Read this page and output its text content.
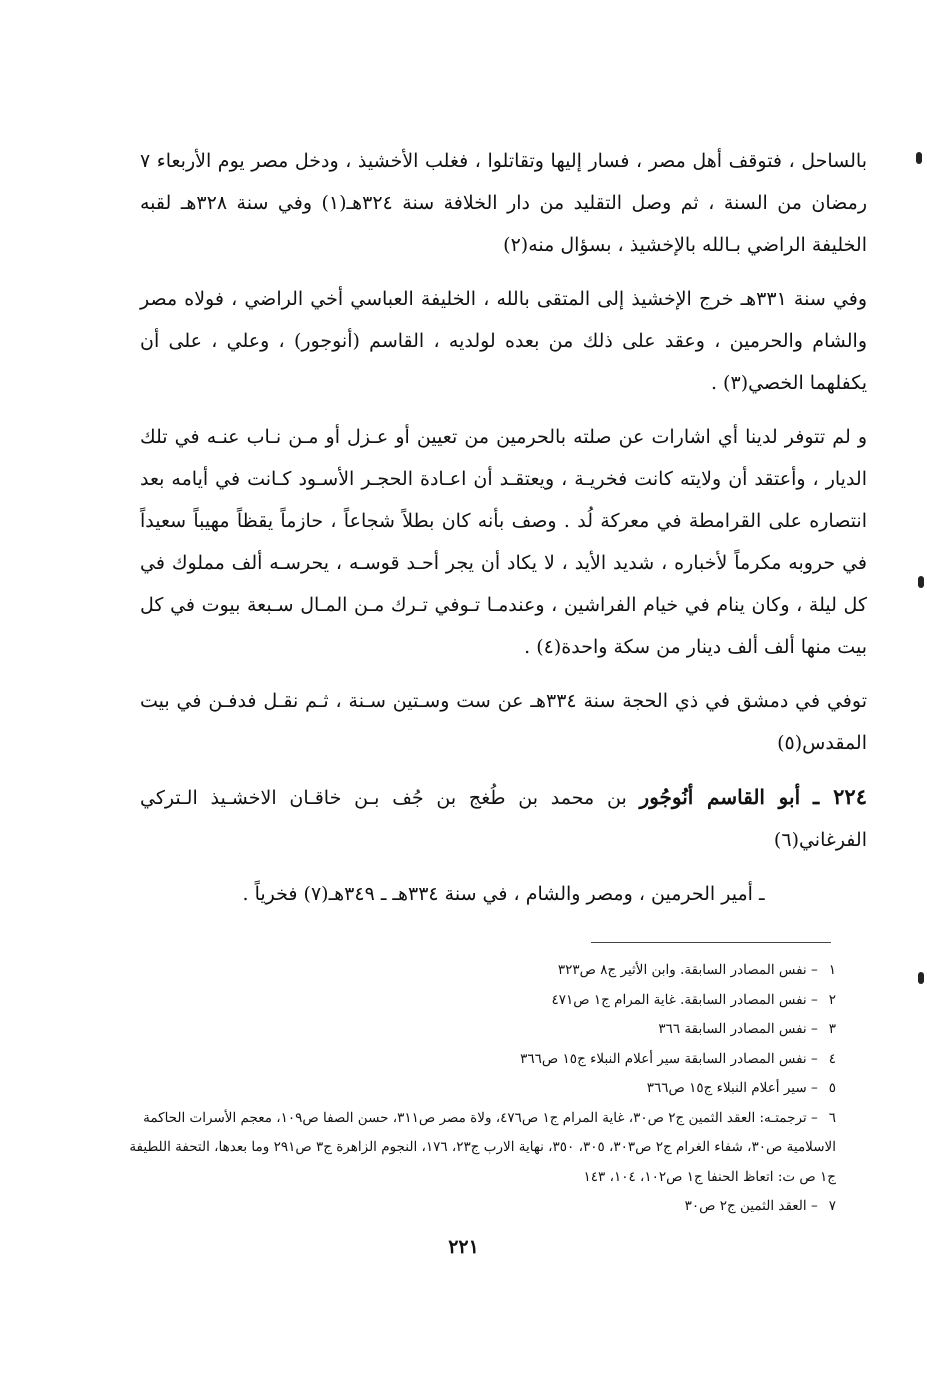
بالساحل ، فتوقف أهل مصر ، فسار إليها وتقاتلوا ، فغلب الأخشيذ ، ودخل مصر يوم الأربعاء ٧ رمضان من السنة ، ثم وصل التقليد من دار الخلافة سنة ٣٢٤هـ(١) وفي سنة ٣٢٨هـ لقبه الخليفة الراضي بـالله بالإخشيذ ، بسؤال منه(٢)

وفي سنة ٣٣١هـ خرج الإخشيذ إلى المتقى بالله ، الخليفة العباسي أخي الراضي ، فولاه مصر والشام والحرمين ، وعقد على ذلك من بعده لولديه ، القاسم (أنوجور) ، وعلي ، على أن يكفلهما الخصي(٣) .

و لم تتوفر لدينا أي اشارات عن صلته بالحرمين من تعيين أو عـزل أو مـن نـاب عنـه في تلك الديار ، وأعتقد أن ولايته كانت فخريـة ، ويعتقـد أن اعـادة الحجـر الأسـود كـانت في أيامه بعد انتصاره على القرامطة في معركة لُد . وصف بأنه كان بطلاً شجاعاً ، حازماً يقظاً مهيباً سعيداً في حروبه مكرماً لأخباره ، شديد الأيد ، لا يكاد أن يجر أحـد قوسـه ، يحرسـه ألف مملوك في كل ليلة ، وكان ينام في خيام الفراشين ، وعندمـا تـوفي تـرك مـن المـال سـبعة بيوت في كل بيت منها ألف ألف دينار من سكة واحدة(٤) .

توفي في دمشق في ذي الحجة سنة ٣٣٤هـ عن ست وسـتين سـنة ، ثـم نقـل فدفـن في بيت المقدس(٥)

٢٢٤ ـ أبو القاسم أنُوجُور بن محمد بن طُغج بن جُف بـن خاقـان الاخشـيذ الـتركي الفرغاني(٦)

ـ أمير الحرمين ، ومصر والشام ، في سنة ٣٣٤هـ ـ ٣٤٩هـ(٧) فخرياً .

١ – نفس المصادر السابقة. وابن الأثير ج٨ ص٣٢٣

٢ – نفس المصادر السابقة. غاية المرام ج١ ص٤٧١

٣ – نفس المصادر السابقة ٣٦٦

٤ – نفس المصادر السابقة سير أعلام النبلاء ج١٥ ص٣٦٦

٥ – سير أعلام النبلاء ج١٥ ص٣٦٦

٦ – ترجمتـه: العقد الثمين ج٢ ص٣٠، غاية المرام ج١ ص٤٧٦، ولاة مصر ص٣١١، حسن الصفا ص١٠٩، معجم الأسرات الحاكمة الاسلامية ص٣٠، شفاء الغرام ج٢ ص٣٠٣، ٣٠٥، ٣٥٠، نهاية الارب ج٢٣، ١٧٦، النجوم الزاهرة ج٣ ص٢٩١ وما بعدها، التحفة اللطيفة ج١ ص ت: اتعاظ الحنفا ج١ ص١٠٢، ١٠٤، ١٤٣

٧ – العقد الثمين ج٢ ص٣٠

٢٢١
